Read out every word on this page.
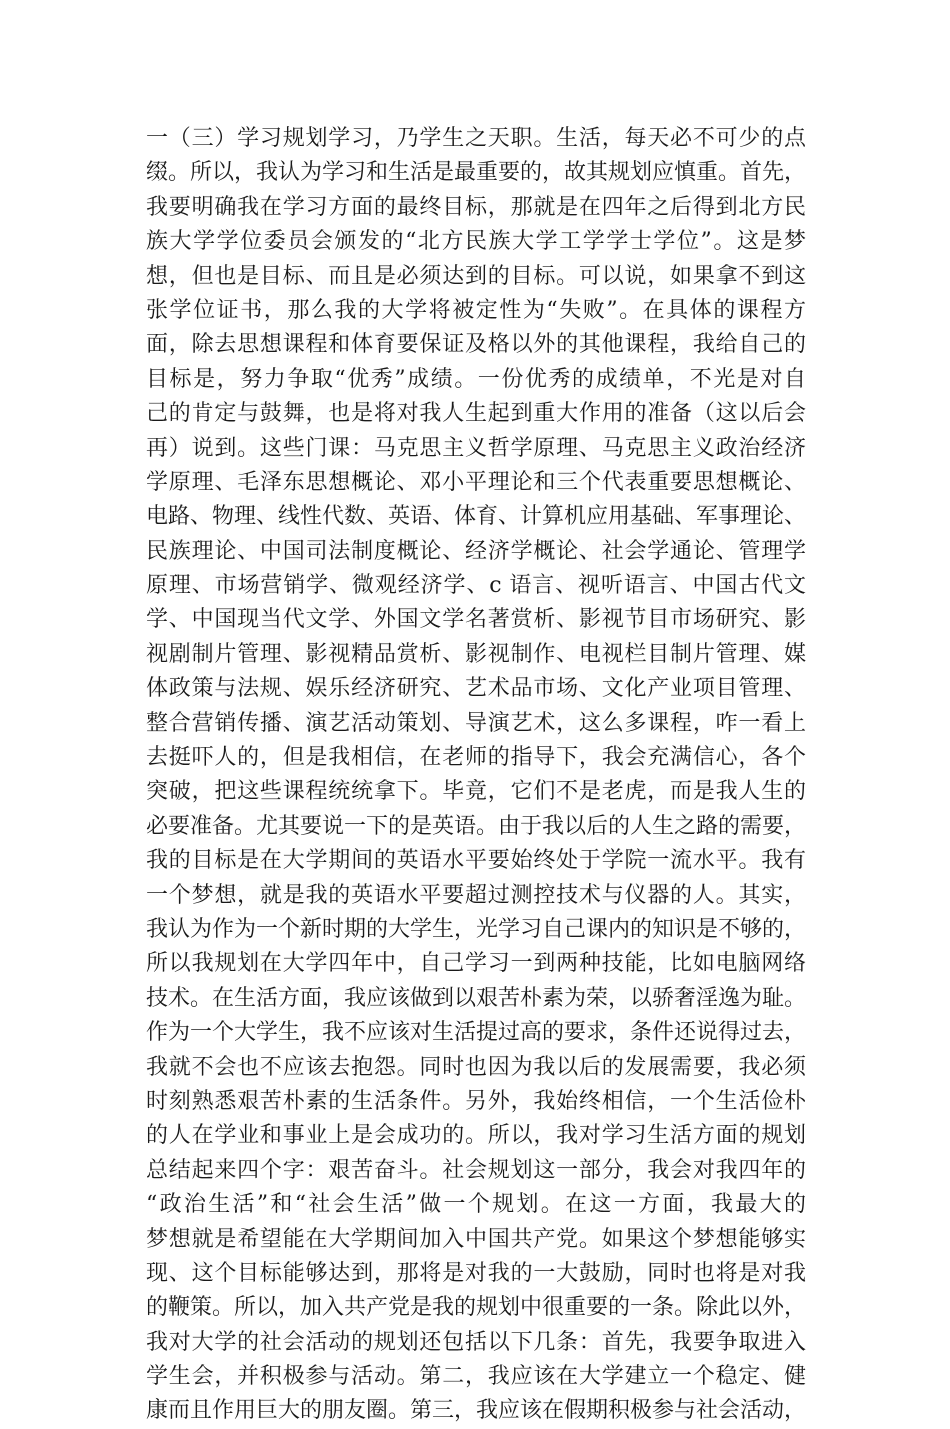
一（三）学习规划学习，乃学生之天职。生活，每天必不可少的点
缀。所以，我认为学习和生活是最重要的，故其规划应慎重。首先，
我要明确我在学习方面的最终目标，那就是在四年之后得到北方民
族大学学位委员会颁发的“北方民族大学工学学士学位”。这是梦
想，但也是目标、而且是必须达到的目标。可以说，如果拿不到这
张学位证书，那么我的大学将被定性为“失败”。在具体的课程方
面，除去思想课程和体育要保证及格以外的其他课程，我给自己的
目标是，努力争取“优秀”成绩。一份优秀的成绩单，不光是对自
己的肯定与鼓舞，也是将对我人生起到重大作用的准备（这以后会
再）说到。这些门课：马克思主义哲学原理、马克思主义政治经济
学原理、毛泽东思想概论、邓小平理论和三个代表重要思想概论、
电路、物理、线性代数、英语、体育、计算机应用基础、军事理论、
民族理论、中国司法制度概论、经济学概论、社会学通论、管理学
原理、市场营销学、微观经济学、c 语言、视听语言、中国古代文
学、中国现当代文学、外国文学名著赏析、影视节目市场研究、影
视剧制片管理、影视精品赏析、影视制作、电视栏目制片管理、媒
体政策与法规、娱乐经济研究、艺术品市场、文化产业项目管理、
整合营销传播、演艺活动策划、导演艺术，这么多课程，咋一看上
去挺吓人的，但是我相信，在老师的指导下，我会充满信心，各个
突破，把这些课程统统拿下。毕竟，它们不是老虎，而是我人生的
必要准备。尤其要说一下的是英语。由于我以后的人生之路的需要，
我的目标是在大学期间的英语水平要始终处于学院一流水平。我有
一个梦想，就是我的英语水平要超过测控技术与仪器的人。其实，
我认为作为一个新时期的大学生，光学习自己课内的知识是不够的，
所以我规划在大学四年中，自己学习一到两种技能，比如电脑网络
技术。在生活方面，我应该做到以艰苦朴素为荣，以骄奢淫逸为耻。
作为一个大学生，我不应该对生活提过高的要求，条件还说得过去，
我就不会也不应该去抱怨。同时也因为我以后的发展需要，我必须
时刻熟悉艰苦朴素的生活条件。另外，我始终相信，一个生活俭朴
的人在学业和事业上是会成功的。所以，我对学习生活方面的规划
总结起来四个字：艰苦奋斗。社会规划这一部分，我会对我四年的
“政治生活”和“社会生活”做一个规划。在这一方面，我最大的
梦想就是希望能在大学期间加入中国共产党。如果这个梦想能够实
现、这个目标能够达到，那将是对我的一大鼓励，同时也将是对我
的鞭策。所以，加入共产党是我的规划中很重要的一条。除此以外，
我对大学的社会活动的规划还包括以下几条：首先，我要争取进入
学生会，并积极参与活动。第二，我应该在大学建立一个稳定、健
康而且作用巨大的朋友圈。第三，我应该在假期积极参与社会活动，
